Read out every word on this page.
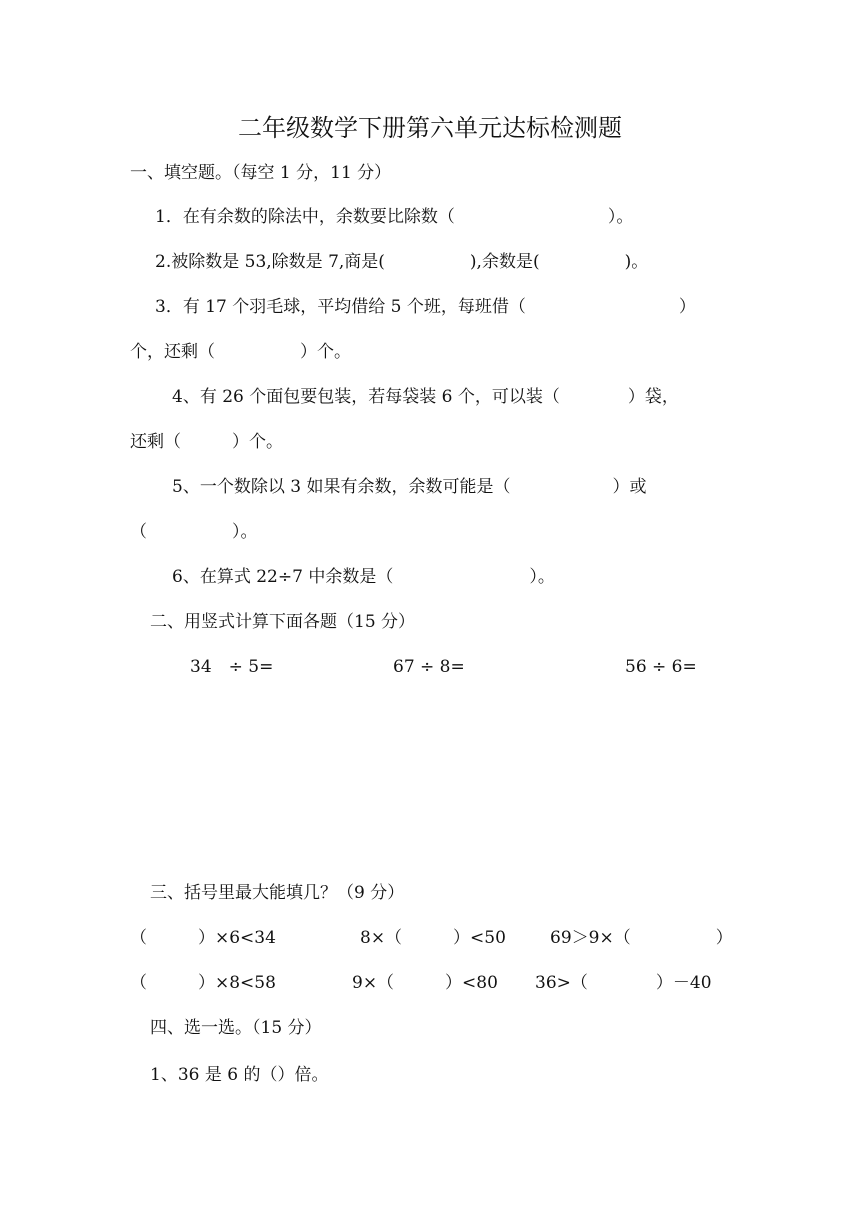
二年级数学下册第六单元达标检测题
一、填空题。（每空 1 分，11 分）
1．在有余数的除法中，余数要比除数（　　　　　　　　　）。
2.被除数是 53,除数是 7,商是(　　　　　),余数是(　　　　　)。
3．有 17 个羽毛球，平均借给 5 个班，每班借（　　　　　　　　　）
个，还剩（　　　　　）个。
4、有 26 个面包要包装，若每袋装 6 个，可以装（　　　　）袋，
还剩（　　　）个。
5、一个数除以 3 如果有余数，余数可能是（　　　　　　）或
（　　　　　）。
6、在算式 22÷7 中余数是（　　　　　　　　）。
二、用竖式计算下面各题（15 分）
34　÷ 5=	67 ÷ 8=	56 ÷ 6=
三、括号里最大能填几？（9 分）
（　　　）×6<34	8×（　　　）<50	69＞9×（　　　　　）
（　　　）×8<58	9×（　　　）<80 36>（　　　　）－40
四、选一选。（15 分）
1、36 是 6 的（）倍。
